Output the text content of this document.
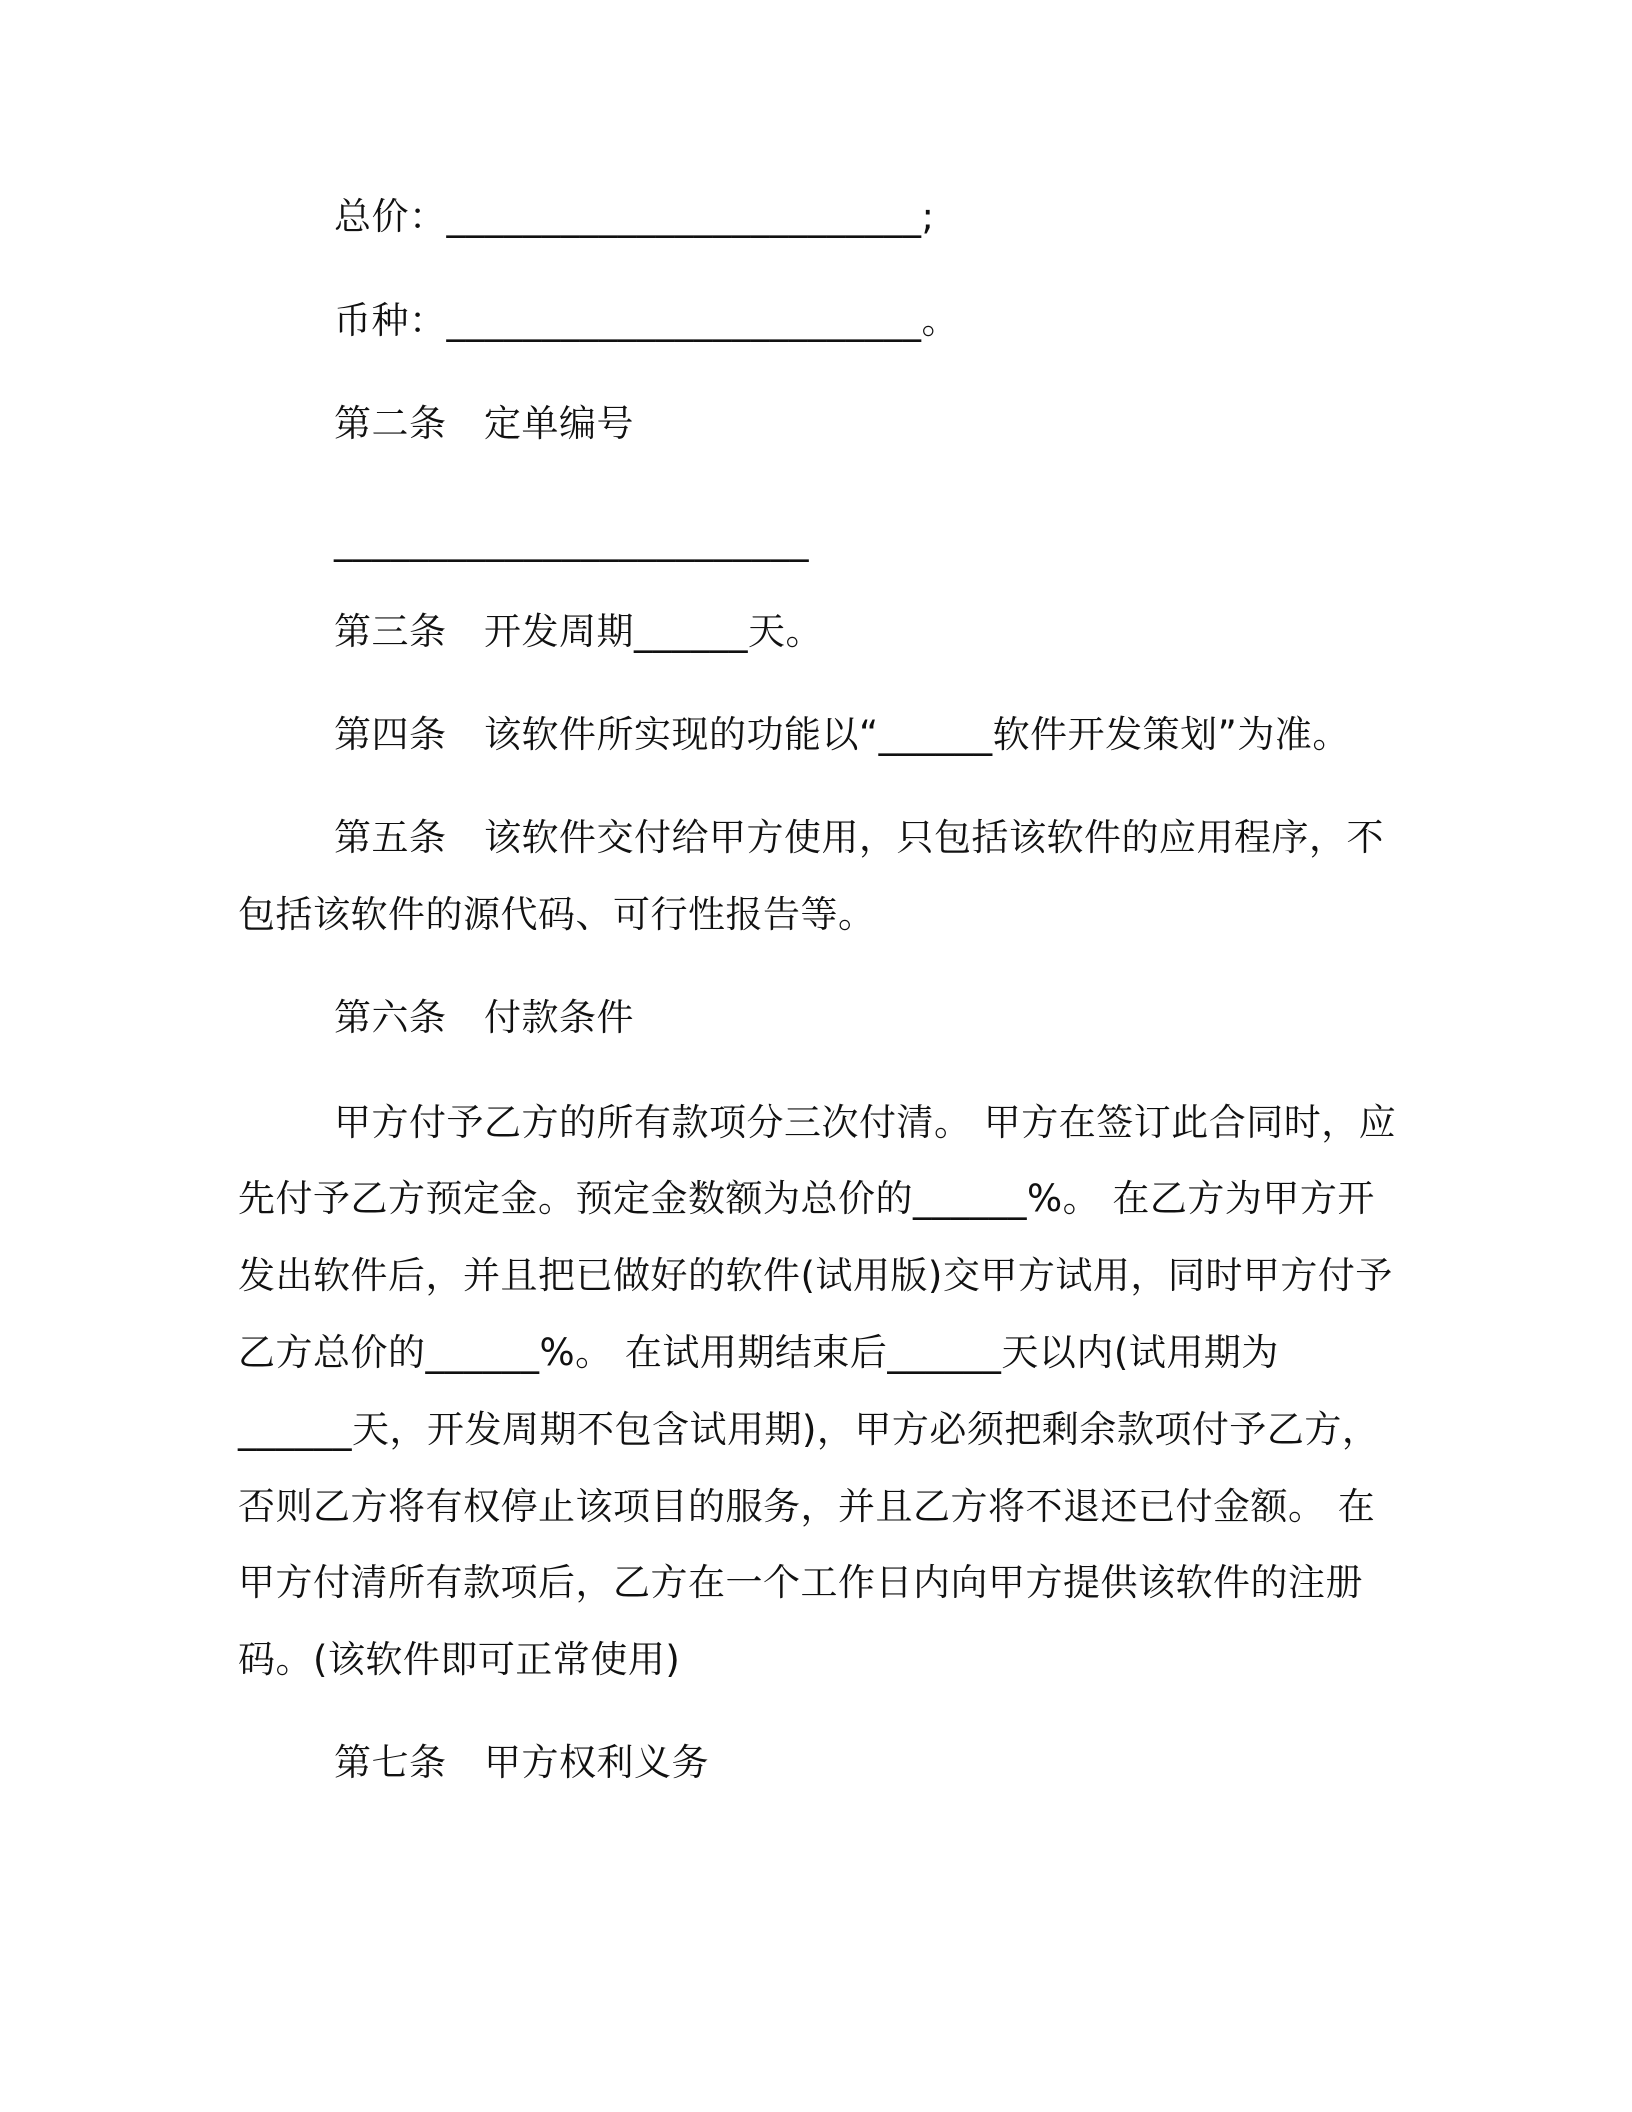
总价：_________________________;
币种：_________________________。
第二条　定单编号
_________________________
第三条　开发周期______天。
第四条　该软件所实现的功能以“______软件开发策划”为准。
第五条　该软件交付给甲方使用，只包括该软件的应用程序，不
包括该软件的源代码、可行性报告等。
第六条　付款条件
甲方付予乙方的所有款项分三次付清。 甲方在签订此合同时，应
先付予乙方预定金。预定金数额为总价的______%。 在乙方为甲方开
发出软件后，并且把已做好的软件(试用版)交甲方试用，同时甲方付予
乙方总价的______%。 在试用期结束后______天以内(试用期为
______天，开发周期不包含试用期)，甲方必须把剩余款项付予乙方，
否则乙方将有权停止该项目的服务，并且乙方将不退还已付金额。 在
甲方付清所有款项后，乙方在一个工作日内向甲方提供该软件的注册
码。(该软件即可正常使用)
第七条　甲方权利义务
